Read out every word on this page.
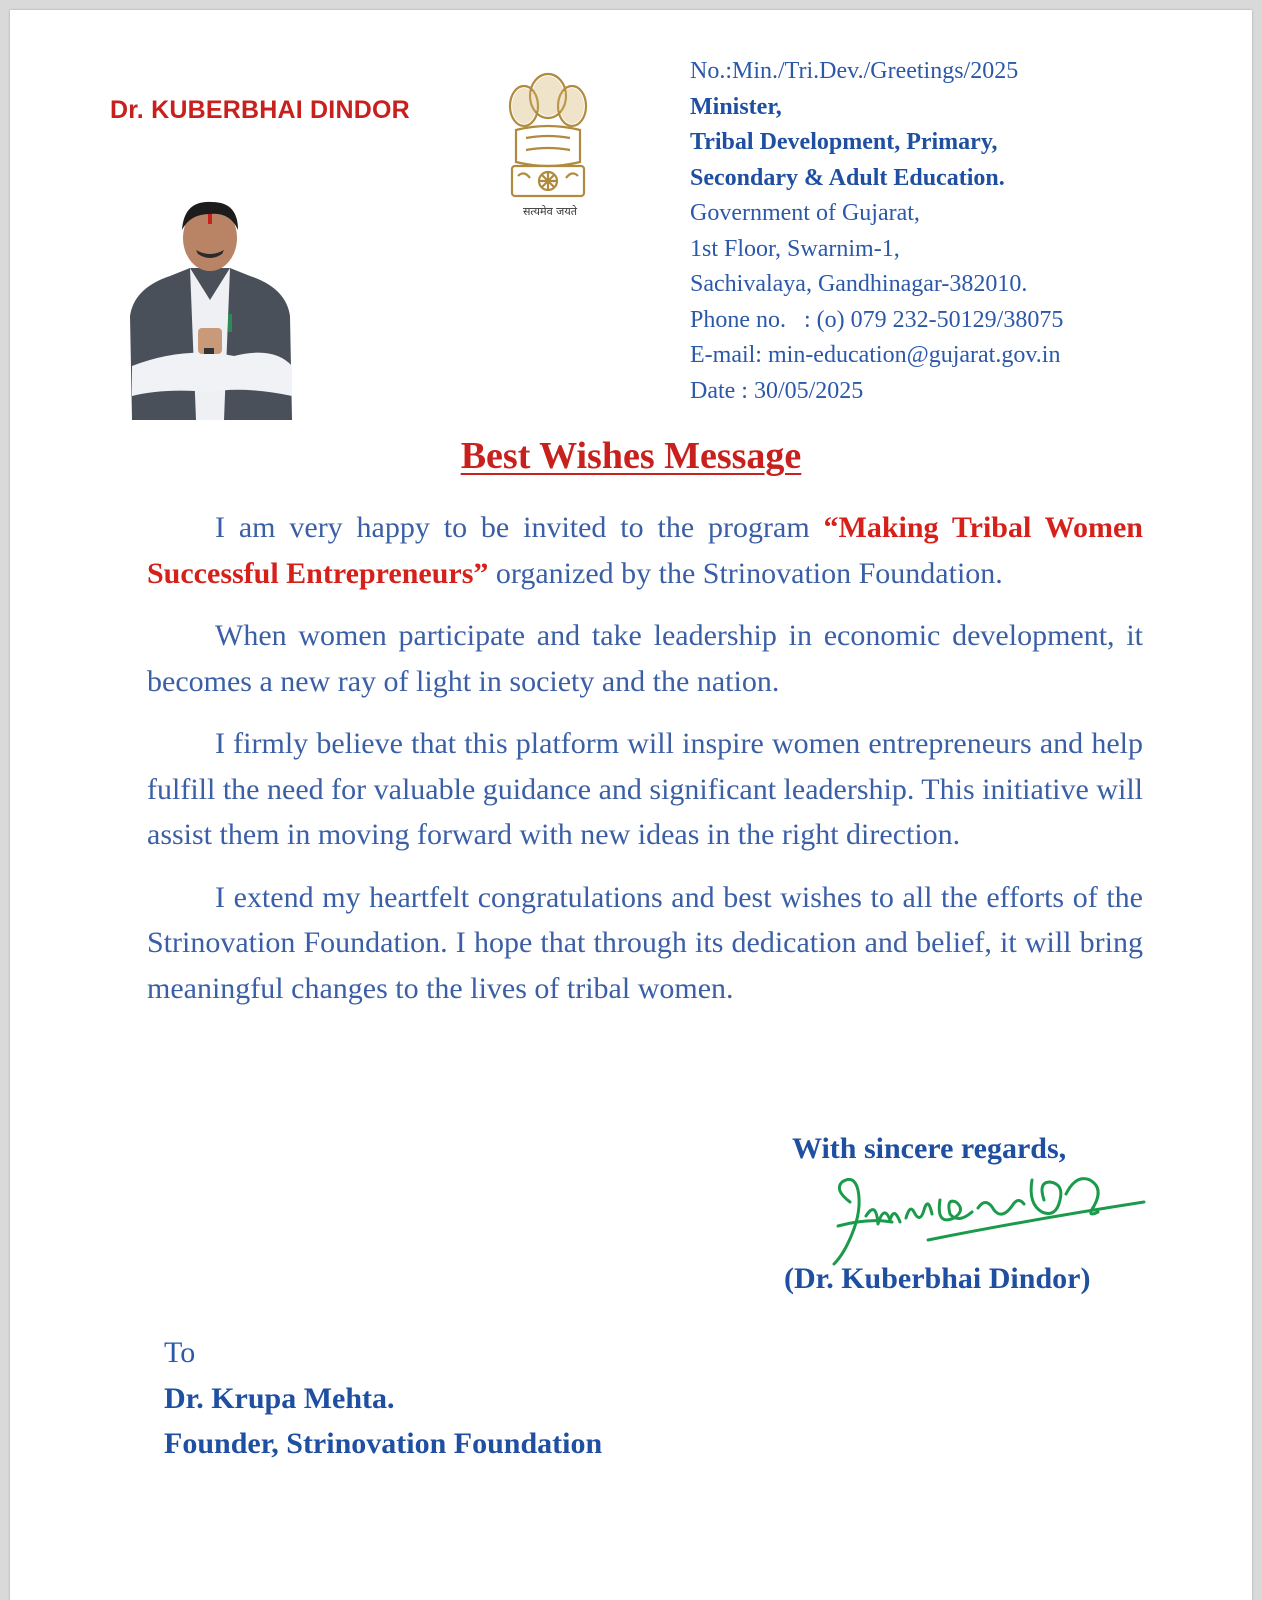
Dr. KUBERBHAI DINDOR
सत्यमेव जयते
No.:Min./Tri.Dev./Greetings/2025
Minister,
Tribal Development, Primary,
Secondary & Adult Education.
Government of Gujarat,
1st Floor, Swarnim-1,
Sachivalaya, Gandhinagar-382010.
Phone no.   : (o) 079 232-50129/38075
E-mail: min-education@gujarat.gov.in
Date : 30/05/2025
Best Wishes Message

I am very happy to be invited to the program “Making Tribal Women Successful Entrepreneurs” organized by the Strinovation Foundation.

When women participate and take leadership in economic development, it becomes a new ray of light in society and the nation.

I firmly believe that this platform will inspire women entrepreneurs and help fulfill the need for valuable guidance and significant leadership. This initiative will assist them in moving forward with new ideas in the right direction.

I extend my heartfelt congratulations and best wishes to all the efforts of the Strinovation Foundation. I hope that through its dedication and belief, it will bring meaningful changes to the lives of tribal women.

With sincere regards,
(Dr. Kuberbhai Dindor)
To
Dr. Krupa Mehta.
Founder, Strinovation Foundation
